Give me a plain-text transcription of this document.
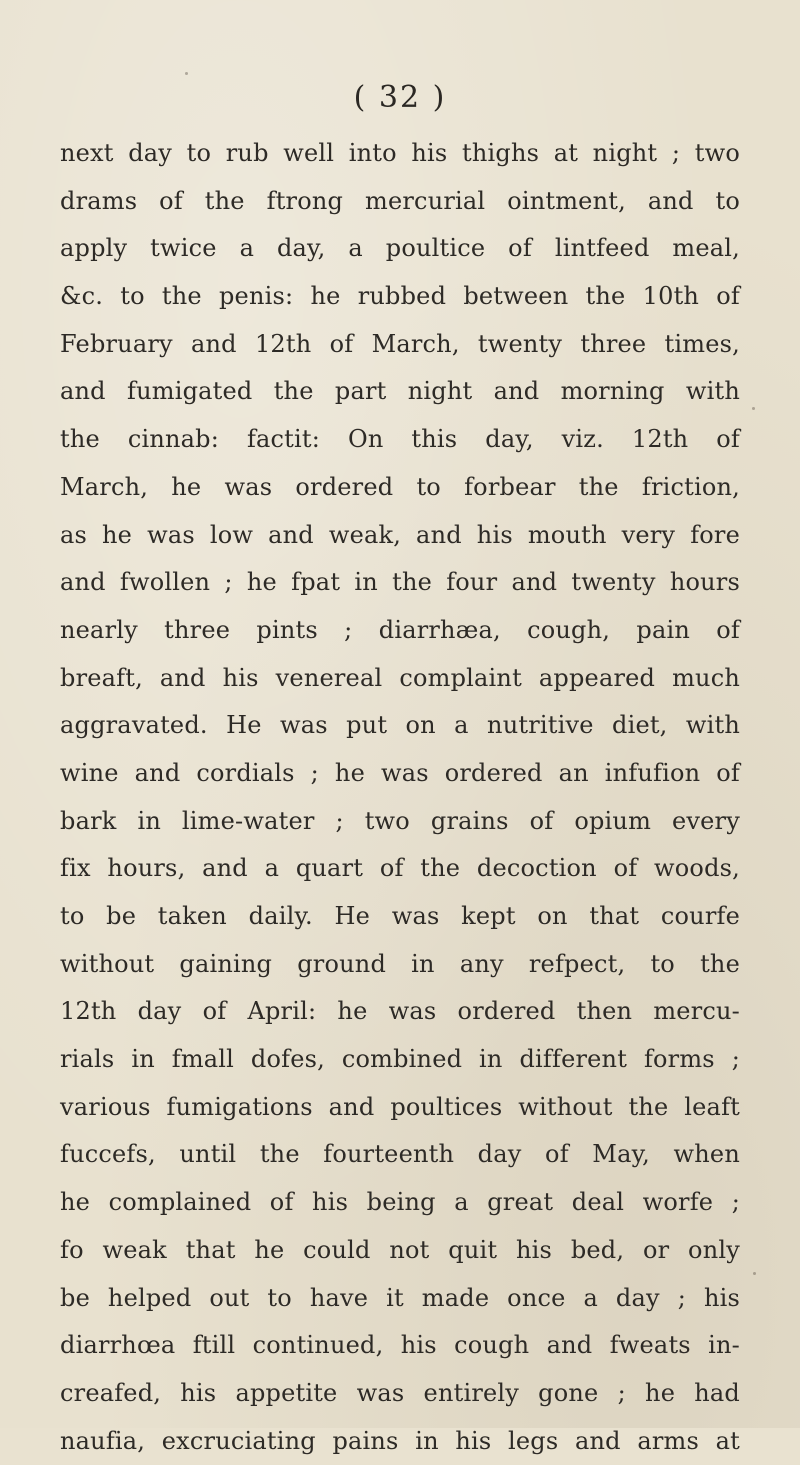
( 32 )
next day to rub well into his thighs at night ; two
drams of the ftrong mercurial ointment, and to
apply twice a day, a poultice of lintfeed meal,
&c. to the penis: he rubbed between the 10th of
February and 12th of March, twenty three times,
and fumigated the part night and morning with
the cinnab: factit: On this day, viz. 12th of
March, he was ordered to forbear the friction,
as he was low and weak, and his mouth very fore
and fwollen ; he fpat in the four and twenty hours
nearly three pints ; diarrhæa, cough, pain of
breaft, and his venereal complaint appeared much
aggravated. He was put on a nutritive diet, with
wine and cordials ; he was ordered an infufion of
bark in lime-water ; two grains of opium every
fix hours, and a quart of the decoction of woods,
to be taken daily. He was kept on that courfe
without gaining ground in any refpect, to the
12th day of April: he was ordered then mercu-
rials in fmall dofes, combined in different forms ;
various fumigations and poultices without the leaft
fuccefs, until the fourteenth day of May, when
he complained of his being a great deal worfe ;
fo weak that he could not quit his bed, or only
be helped out to have it made once a day ; his
diarrhœa ftill continued, his cough and fweats in-
creafed, his appetite was entirely gone ; he had
naufia, excruciating pains in his legs and arms at
